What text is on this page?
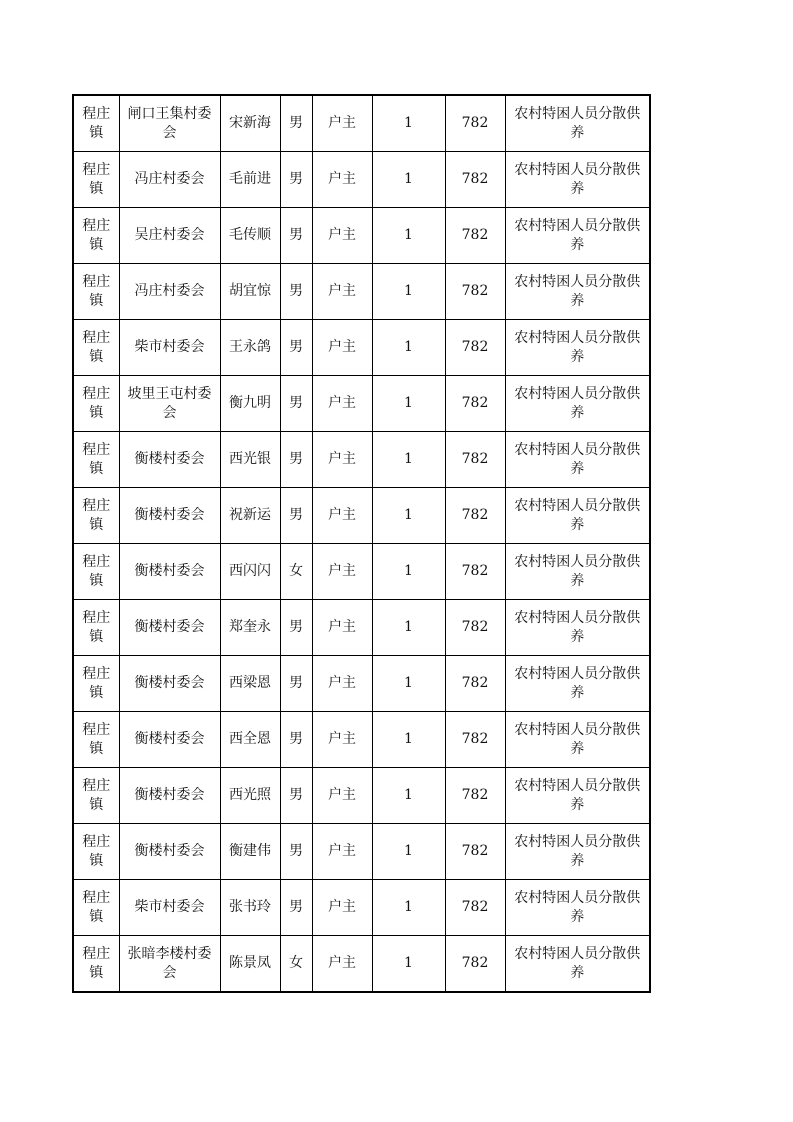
程庄镇	闸口王集村委会	宋新海	男	户主	1	782	农村特困人员分散供养
程庄镇	冯庄村委会	毛前进	男	户主	1	782	农村特困人员分散供养
程庄镇	吴庄村委会	毛传顺	男	户主	1	782	农村特困人员分散供养
程庄镇	冯庄村委会	胡宜惊	男	户主	1	782	农村特困人员分散供养
程庄镇	柴市村委会	王永鸽	男	户主	1	782	农村特困人员分散供养
程庄镇	坡里王屯村委会	衡九明	男	户主	1	782	农村特困人员分散供养
程庄镇	衡楼村委会	西光银	男	户主	1	782	农村特困人员分散供养
程庄镇	衡楼村委会	祝新运	男	户主	1	782	农村特困人员分散供养
程庄镇	衡楼村委会	西闪闪	女	户主	1	782	农村特困人员分散供养
程庄镇	衡楼村委会	郑奎永	男	户主	1	782	农村特困人员分散供养
程庄镇	衡楼村委会	西梁恩	男	户主	1	782	农村特困人员分散供养
程庄镇	衡楼村委会	西全恩	男	户主	1	782	农村特困人员分散供养
程庄镇	衡楼村委会	西光照	男	户主	1	782	农村特困人员分散供养
程庄镇	衡楼村委会	衡建伟	男	户主	1	782	农村特困人员分散供养
程庄镇	柴市村委会	张书玲	男	户主	1	782	农村特困人员分散供养
程庄镇	张暗李楼村委会	陈景凤	女	户主	1	782	农村特困人员分散供养
